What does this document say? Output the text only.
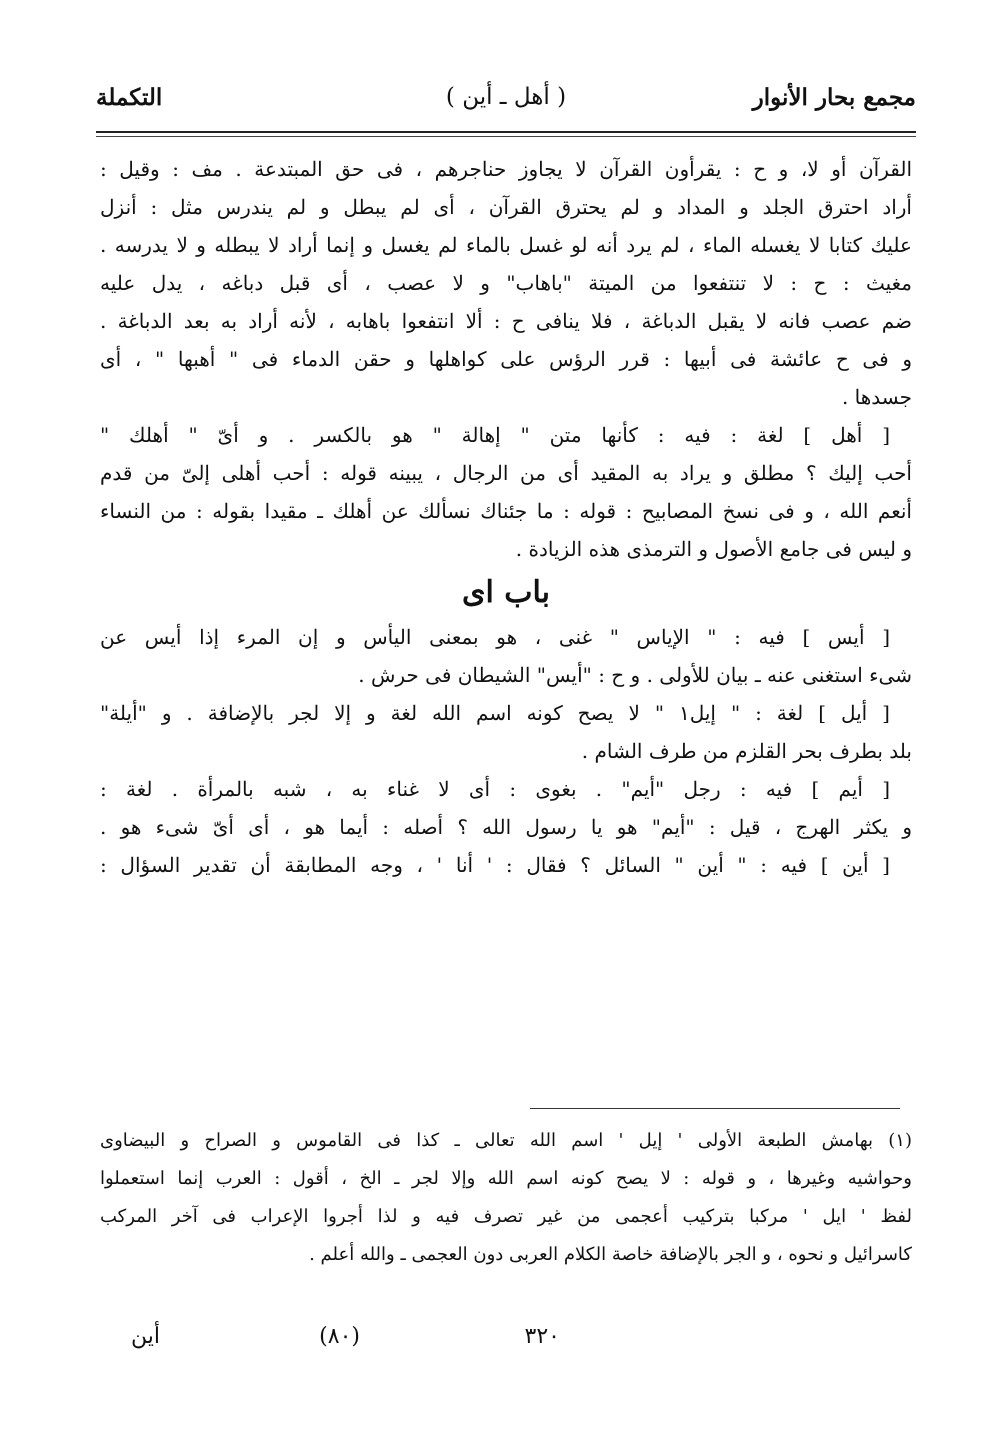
مجمع بحار الأنوار
( أهل ـ أين )
التكملة
القرآن أو لا، و ح : يقرأون القرآن لا يجاوز حناجرهم ، فى حق المبتدعة . مف : وقيل :
أراد احترق الجلد و المداد و لم يحترق القرآن ، أى لم يبطل و لم يندرس مثل : أنزل
عليك كتابا لا يغسله الماء ، لم يرد أنه لو غسل بالماء لم يغسل و إنما أراد لا يبطله و لا يدرسه .
مغيث : ح : لا تنتفعوا من الميتة "باهاب" و لا عصب ، أى قبل دباغه ، يدل عليه
ضم عصب فانه لا يقبل الدباغة ، فلا ينافى ح : ألا انتفعوا باهابه ، لأنه أراد به بعد الدباغة .
و فى ح عائشة فى أبيها : قرر الرؤس على كواهلها و حقن الدماء فى " أهبها " ، أى
جسدها .
[ أهل ] لغة : فيه : كأنها متن " إهالة " هو بالكسر . و أىّ " أهلك "
أحب إليك ؟ مطلق و يراد به المقيد أى من الرجال ، يبينه قوله : أحب أهلى إلىّ من قدم
أنعم الله ، و فى نسخ المصابيح : قوله : ما جئناك نسألك عن أهلك ـ مقيدا بقوله : من النساء
و ليس فى جامع الأصول و الترمذى هذه الزيادة .
باب اى
[ أيس ] فيه : " الإياس " غنى ، هو بمعنى اليأس و إن المرء إذا أيس عن
شىء استغنى عنه ـ بيان للأولى . و ح : "أيس" الشيطان فى حرش .
[ أيل ] لغة : " إيل١ " لا يصح كونه اسم الله لغة و إلا لجر بالإضافة . و "أيلة"
بلد بطرف بحر القلزم من طرف الشام .
[ أيم ] فيه : رجل "أيم" . بغوى : أى لا غناء به ، شبه بالمرأة . لغة :
و يكثر الهرج ، قيل : "أيم" هو يا رسول الله ؟ أصله : أيما هو ، أى أىّ شىء هو .
[ أين ] فيه : " أين " السائل ؟ فقال : ' أنا ' ، وجه المطابقة أن تقدير السؤال :
(١) بهامش الطبعة الأولى ' إيل ' اسم الله تعالى ـ كذا فى القاموس و الصراح و البيضاوى
وحواشيه وغيرها ، و قوله : لا يصح كونه اسم الله وإلا لجر ـ الخ ، أقول : العرب إنما استعملوا
لفظ ' ايل ' مركبا بتركيب أعجمى من غير تصرف فيه و لذا أجروا الإعراب فى آخر المركب
كاسرائيل و نحوه ، و الجر بالإضافة خاصة الكلام العربى دون العجمى ـ والله أعلم .
٣٢٠
(٨٠)
أين
